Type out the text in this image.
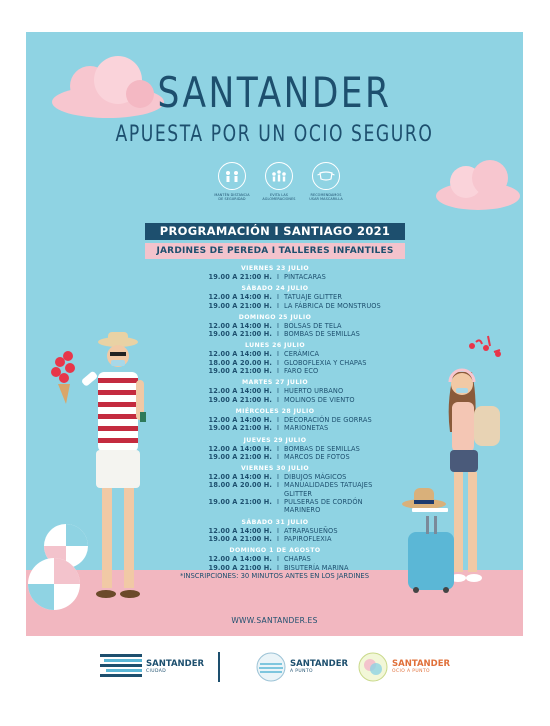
SANTANDER
APUESTA POR UN OCIO SEGURO
MANTÉN DISTANCIA DE SEGURIDAD
EVITA LAS AGLOMERACIONES
RECOMENDAMOS USAR MASCARILLA
PROGRAMACIÓN I SANTIAGO 2021
JARDINES DE PEREDA I TALLERES INFANTILES
VIERNES 23 JULIO
19.00 A 21:00 H. I PINTACARAS
SÁBADO 24 JULIO
12.00 A 14:00 H. I TATUAJE GLITTER
19.00 A 21:00 H. I LA FÁBRICA DE MONSTRUOS
DOMINGO 25 JULIO
12.00 A 14:00 H. I BOLSAS DE TELA
19.00 A 21:00 H. I BOMBAS DE SEMILLAS
LUNES 26 JULIO
12.00 A 14:00 H. I CERÁMICA
18.00 A 20.00 H. I GLOBOFLEXIA Y CHAPAS
19.00 A 21:00 H. I FARO ECO
MARTES 27 JULIO
12.00 A 14:00 H. I HUERTO URBANO
19.00 A 21:00 H. I MOLINOS DE VIENTO
MIÉRCOLES 28 JULIO
12.00 A 14:00 H. I DECORACIÓN DE GORRAS
19.00 A 21:00 H. I MARIONETAS
JUEVES 29 JULIO
12.00 A 14:00 H. I BOMBAS DE SEMILLAS
19.00 A 21:00 H. I MARCOS DE FOTOS
VIERNES 30 JULIO
12.00 A 14:00 H. I DIBUJOS MÁGICOS
18.00 A 20.00 H. I MANUALIDADES TATUAJES GLITTER
19.00 A 21:00 H. I PULSERAS DE CORDÓN MARINERO
SÁBADO 31 JULIO
12.00 A 14:00 H. I ATRAPASUEÑOS
19.00 A 21:00 H. I PAPIROFLEXIA
DOMINGO 1 DE AGOSTO
12.00 A 14:00 H. I CHAPAS
19.00 A 21:00 H. I BISUTERÍA MARINA
*INSCRIPCIONES: 30 MINUTOS ANTES EN LOS JARDINES
WWW.SANTANDER.ES
SANTANDER
CIUDAD
SANTANDER
A PUNTO
SANTANDER
OCIO A PUNTO
